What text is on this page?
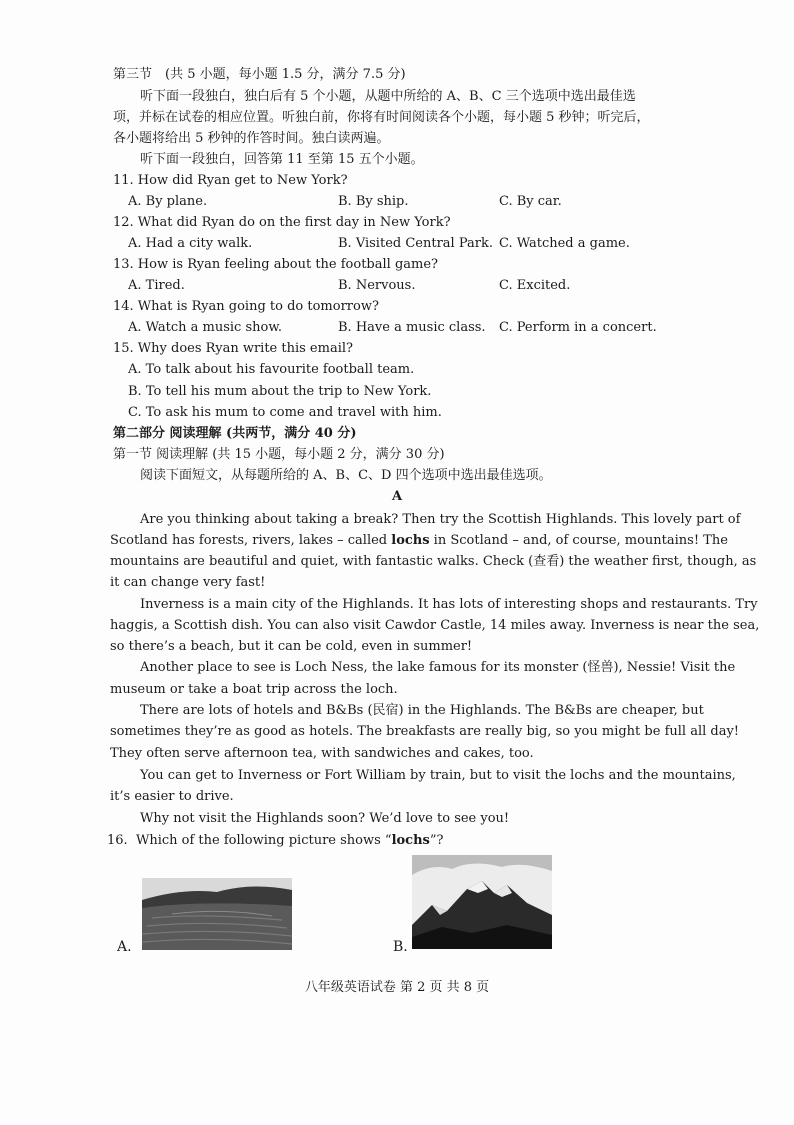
第三节　(共 5 小题，每小题 1.5 分，满分 7.5 分)
听下面一段独白，独白后有 5 个小题，从题中所给的 A、B、C 三个选项中选出最佳选
项，并标在试卷的相应位置。听独白前，你将有时间阅读各个小题，每小题 5 秒钟；听完后，
各小题将给出 5 秒钟的作答时间。独白读两遍。
听下面一段独白，回答第 11 至第 15 五个小题。
11. How did Ryan get to New York?
A. By plane.	B. By ship.	C. By car.
12. What did Ryan do on the first day in New York?
A. Had a city walk.	B. Visited Central Park. C. Watched a game.
13. How is Ryan feeling about the football game?
A. Tired.	B. Nervous.	C. Excited.
14. What is Ryan going to do tomorrow?
A. Watch a music show.	B. Have a music class. C. Perform in a concert.
15. Why does Ryan write this email?
A. To talk about his favourite football team.
B. To tell his mum about the trip to New York.
C. To ask his mum to come and travel with him.
第二部分 阅读理解 (共两节，满分 40 分)
第一节 阅读理解 (共 15 小题，每小题 2 分，满分 30 分)
阅读下面短文，从每题所给的 A、B、C、D 四个选项中选出最佳选项。
A
Are you thinking about taking a break? Then try the Scottish Highlands. This lovely part of
Scotland has forests, rivers, lakes – called lochs in Scotland – and, of course, mountains! The
mountains are beautiful and quiet, with fantastic walks. Check (查看) the weather first, though, as
it can change very fast!
Inverness is a main city of the Highlands. It has lots of interesting shops and restaurants. Try
haggis, a Scottish dish. You can also visit Cawdor Castle, 14 miles away. Inverness is near the sea,
so there’s a beach, but it can be cold, even in summer!
Another place to see is Loch Ness, the lake famous for its monster (怪兽), Nessie! Visit the
museum or take a boat trip across the loch.
There are lots of hotels and B&Bs (民宿) in the Highlands. The B&Bs are cheaper, but
sometimes they’re as good as hotels. The breakfasts are really big, so you might be full all day!
They often serve afternoon tea, with sandwiches and cakes, too.
You can get to Inverness or Fort William by train, but to visit the lochs and the mountains,
it’s easier to drive.
Why not visit the Highlands soon? We’d love to see you!
16. Which of the following picture shows “lochs”?
A.	B.
八年级英语试卷 第 2 页 共 8 页
